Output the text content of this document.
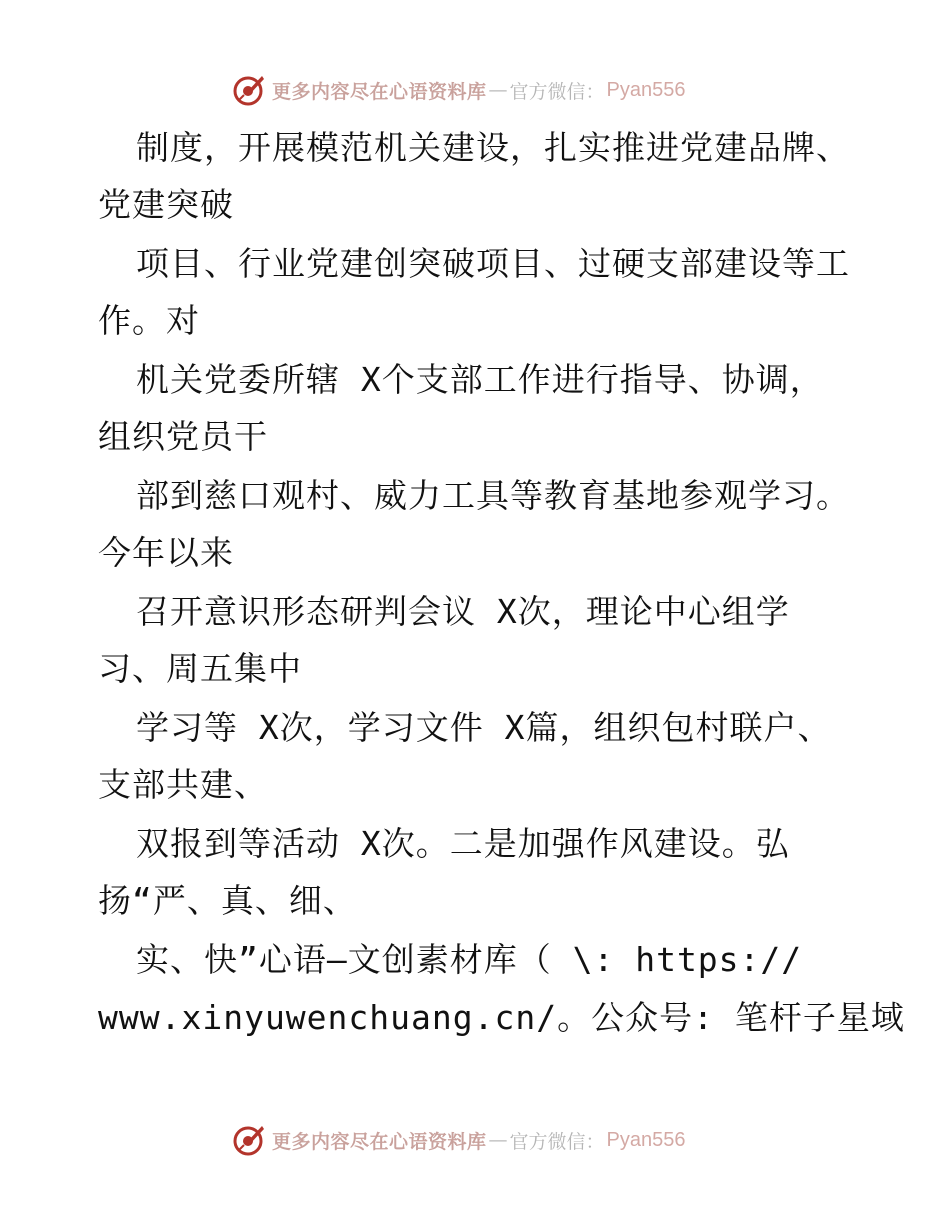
更多内容尽在心语资料库 — 官方微信： Pyan556
制度，开展模范机关建设，扎实推进党建品牌、
党建突破
项目、行业党建创突破项目、过硬支部建设等工
作。对
机关党委所辖 X个支部工作进行指导、协调，
组织党员干
部到慈口观村、威力工具等教育基地参观学习。
今年以来
召开意识形态研判会议 X次，理论中心组学
习、周五集中
学习等 X次，学习文件 X篇，组织包村联户、
支部共建、
双报到等活动 X次。二是加强作风建设。弘
扬“严、真、细、
实、快”心语—文创素材库（ \: https://
www.xinyuwenchuang.cn/。公众号: 笔杆子星域
更多内容尽在心语资料库 — 官方微信： Pyan556
